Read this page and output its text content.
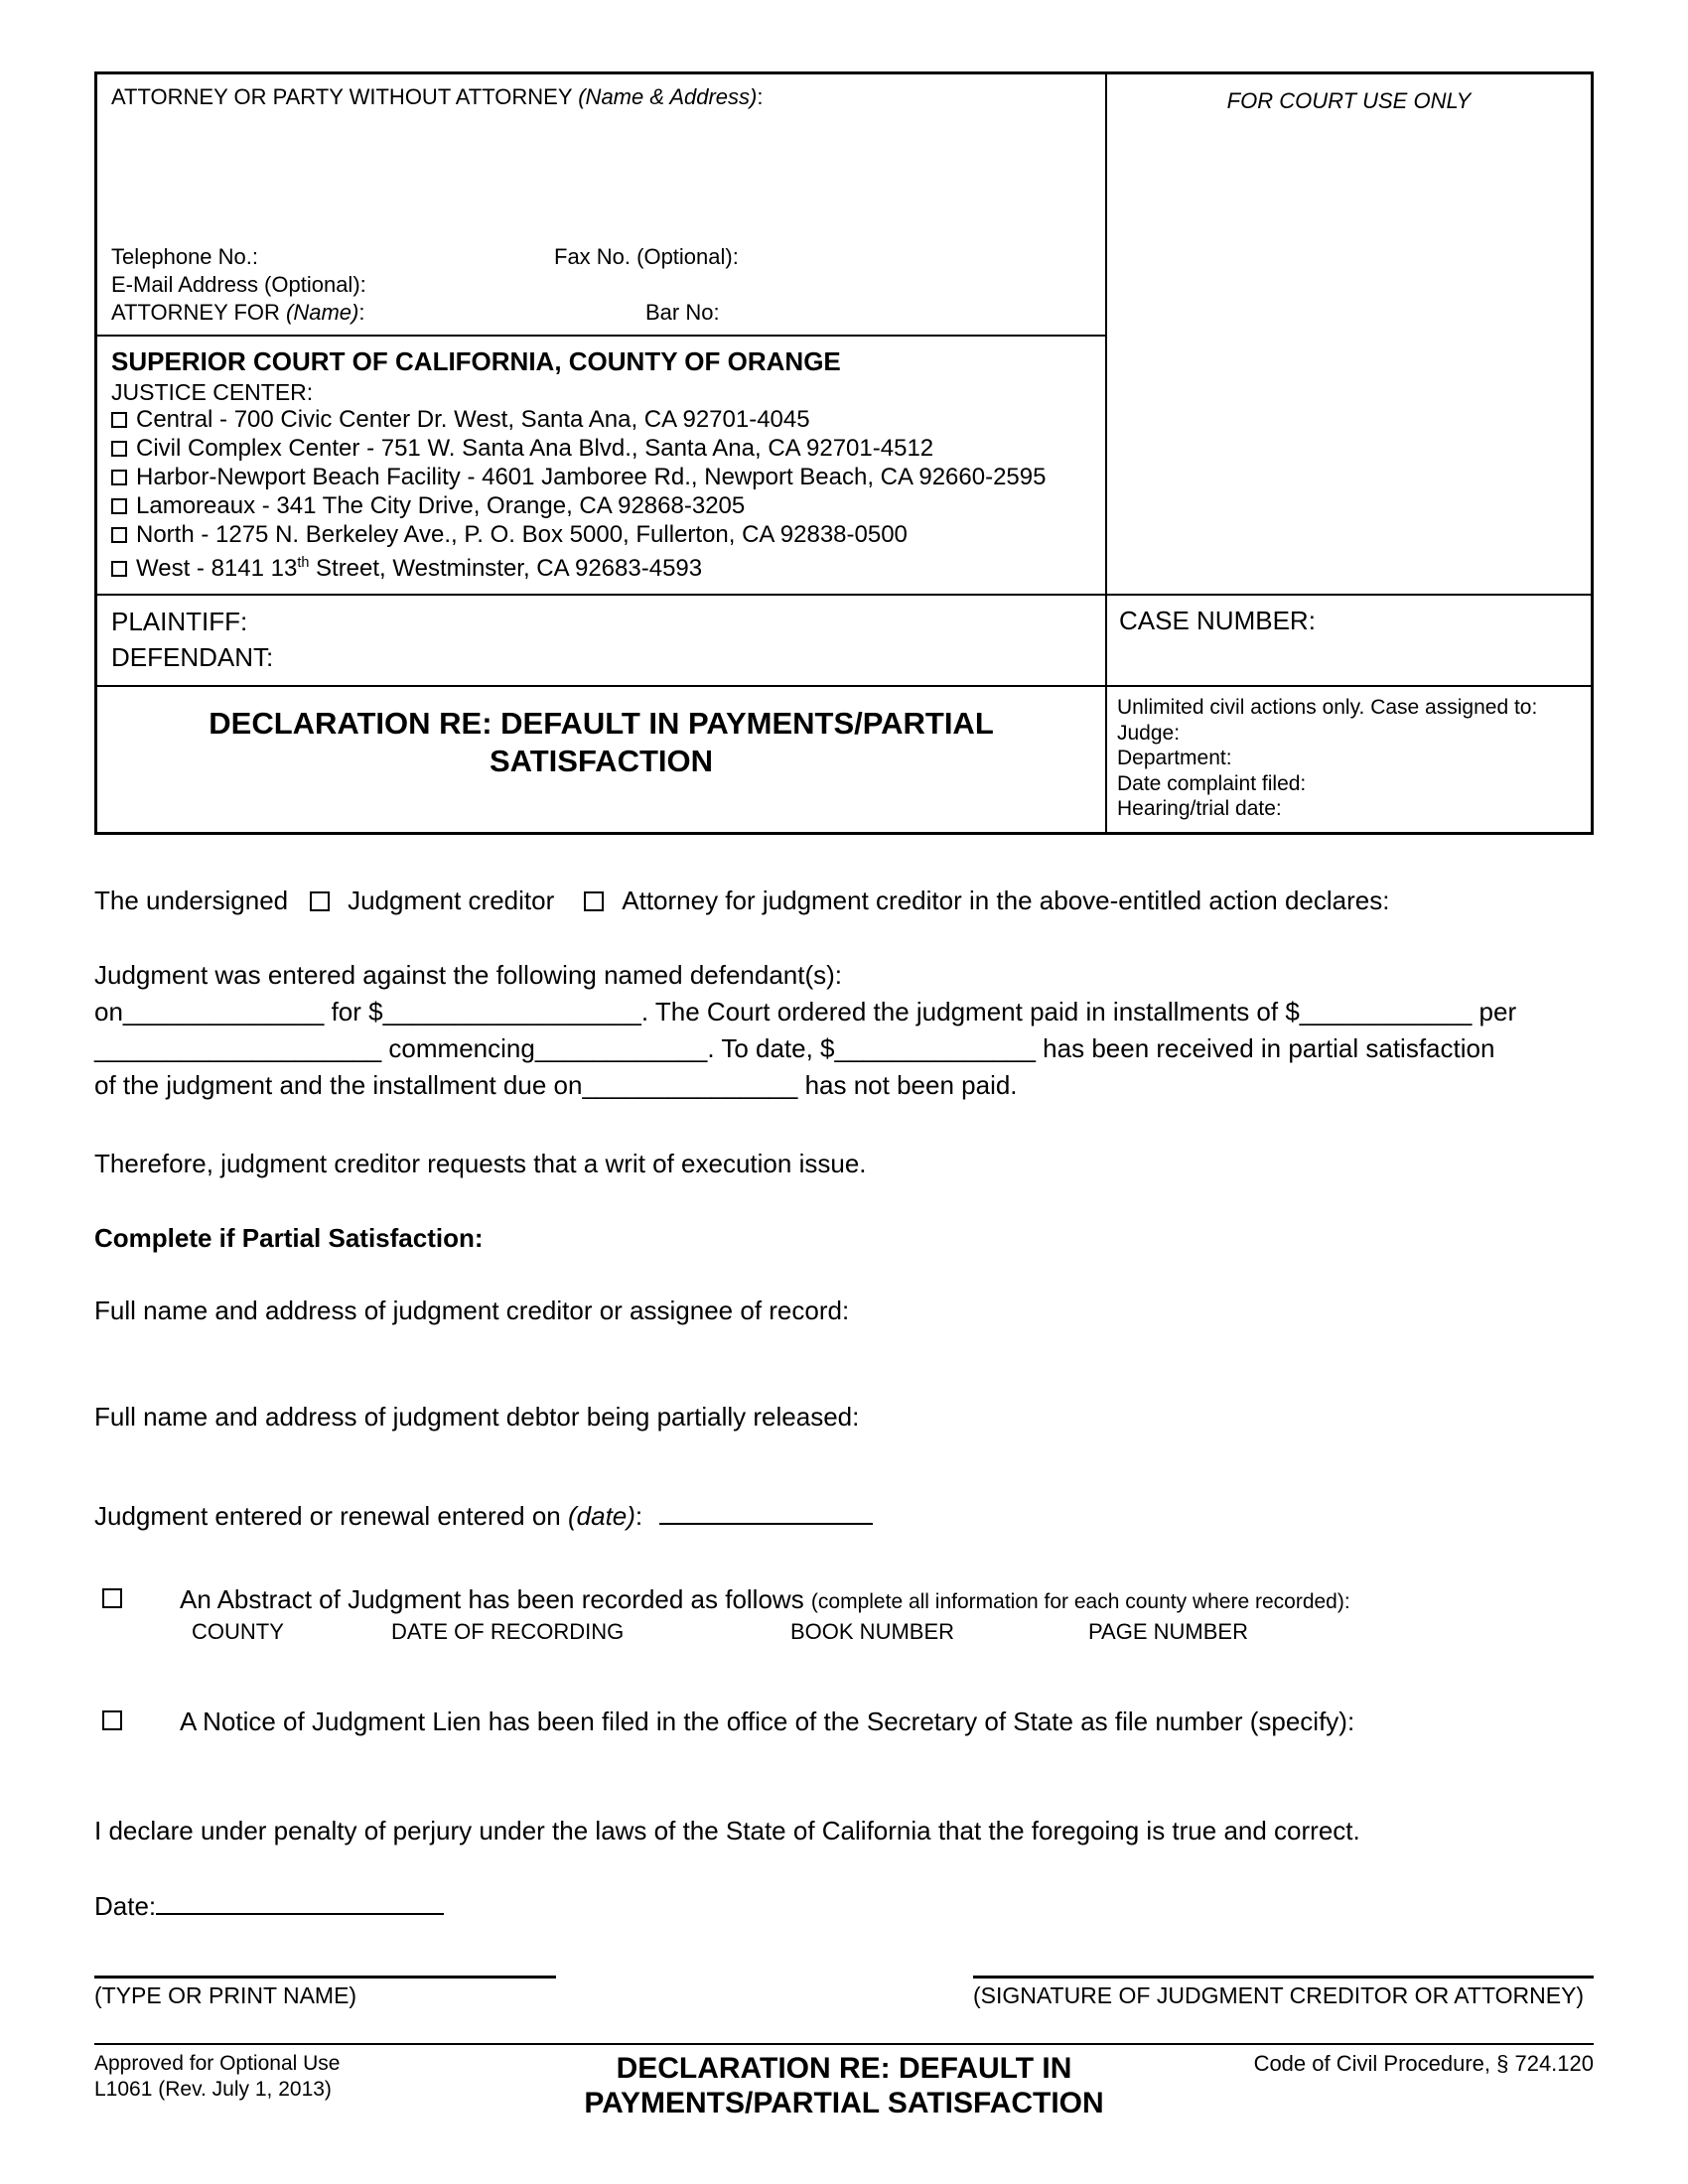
ATTORNEY OR PARTY WITHOUT ATTORNEY (Name & Address):
Telephone No.:	Fax No. (Optional):
E-Mail Address (Optional):
ATTORNEY FOR (Name):	Bar No:
FOR COURT USE ONLY
SUPERIOR COURT OF CALIFORNIA, COUNTY OF ORANGE
JUSTICE CENTER:
Central - 700 Civic Center Dr. West, Santa Ana, CA 92701-4045
Civil Complex Center - 751 W. Santa Ana Blvd., Santa Ana, CA 92701-4512
Harbor-Newport Beach Facility - 4601 Jamboree Rd., Newport Beach, CA 92660-2595
Lamoreaux - 341 The City Drive, Orange, CA 92868-3205
North - 1275 N. Berkeley Ave., P. O. Box 5000, Fullerton, CA 92838-0500
West - 8141 13th Street, Westminster, CA 92683-4593
PLAINTIFF:
DEFENDANT:
CASE NUMBER:
DECLARATION RE: DEFAULT IN PAYMENTS/PARTIAL
SATISFACTION
Unlimited civil actions only. Case assigned to:
Judge:
Department:
Date complaint filed:
Hearing/trial date:
The undersigned Judgment creditor	Attorney for judgment creditor in the above-entitled action declares:
Judgment was entered against the following named defendant(s):
on______________ for $__________________. The Court ordered the judgment paid in installments of $____________ per
____________________ commencing____________. To date, $______________ has been received in partial satisfaction
of the judgment and the installment due on_______________ has not been paid.
Therefore, judgment creditor requests that a writ of execution issue.
Complete if Partial Satisfaction:
Full name and address of judgment creditor or assignee of record:
Full name and address of judgment debtor being partially released:
Judgment entered or renewal entered on (date):
An Abstract of Judgment has been recorded as follows (complete all information for each county where recorded):
COUNTY	DATE OF RECORDING	BOOK NUMBER	PAGE NUMBER
A Notice of Judgment Lien has been filed in the office of the Secretary of State as file number (specify):
I declare under penalty of perjury under the laws of the State of California that the foregoing is true and correct.
Date:
(TYPE OR PRINT NAME)	(SIGNATURE OF JUDGMENT CREDITOR OR ATTORNEY)
Approved for Optional Use
L1061 (Rev. July 1, 2013)
DECLARATION RE: DEFAULT IN
PAYMENTS/PARTIAL SATISFACTION
Code of Civil Procedure, § 724.120
